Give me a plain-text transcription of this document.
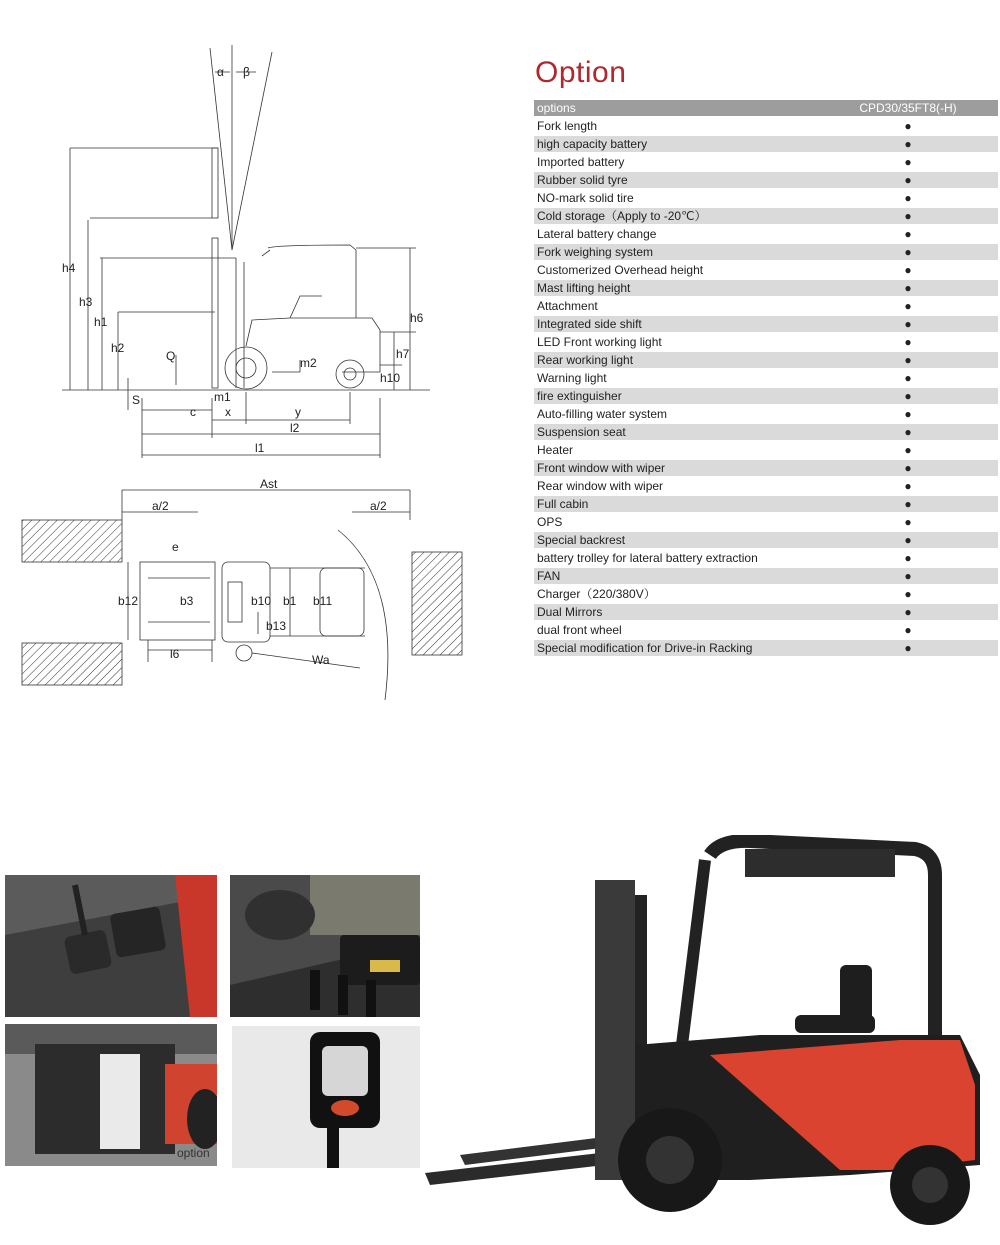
α β
h4
h3
h1
h2
h6
h7
h10
Q	m2
m1
S
c x	y
l2
l1
Ast
a/2	a/2
e
b12	b3	b10 b1 b11
b13
l6	Wa
Option
options	CPD30/35FT8(-H)
Fork length	●
high capacity battery	●
Imported battery	●
Rubber solid tyre	●
NO-mark solid tire	●
Cold storage（Apply to -20℃）	●
Lateral battery change	●
Fork weighing system	●
Customerized Overhead height	●
Mast lifting height	●
Attachment	●
Integrated side shift	●
LED Front working light	●
Rear working light	●
Warning light	●
fire extinguisher	●
Auto-filling water system	●
Suspension seat	●
Heater	●
Front window with wiper	●
Rear window with wiper	●
Full cabin	●
OPS	●
Special backrest	●
battery trolley for lateral battery extraction	●
FAN	●
Charger（220/380V）	●
Dual Mirrors	●
dual front wheel	●
Special modification for Drive-in Racking	●
option
